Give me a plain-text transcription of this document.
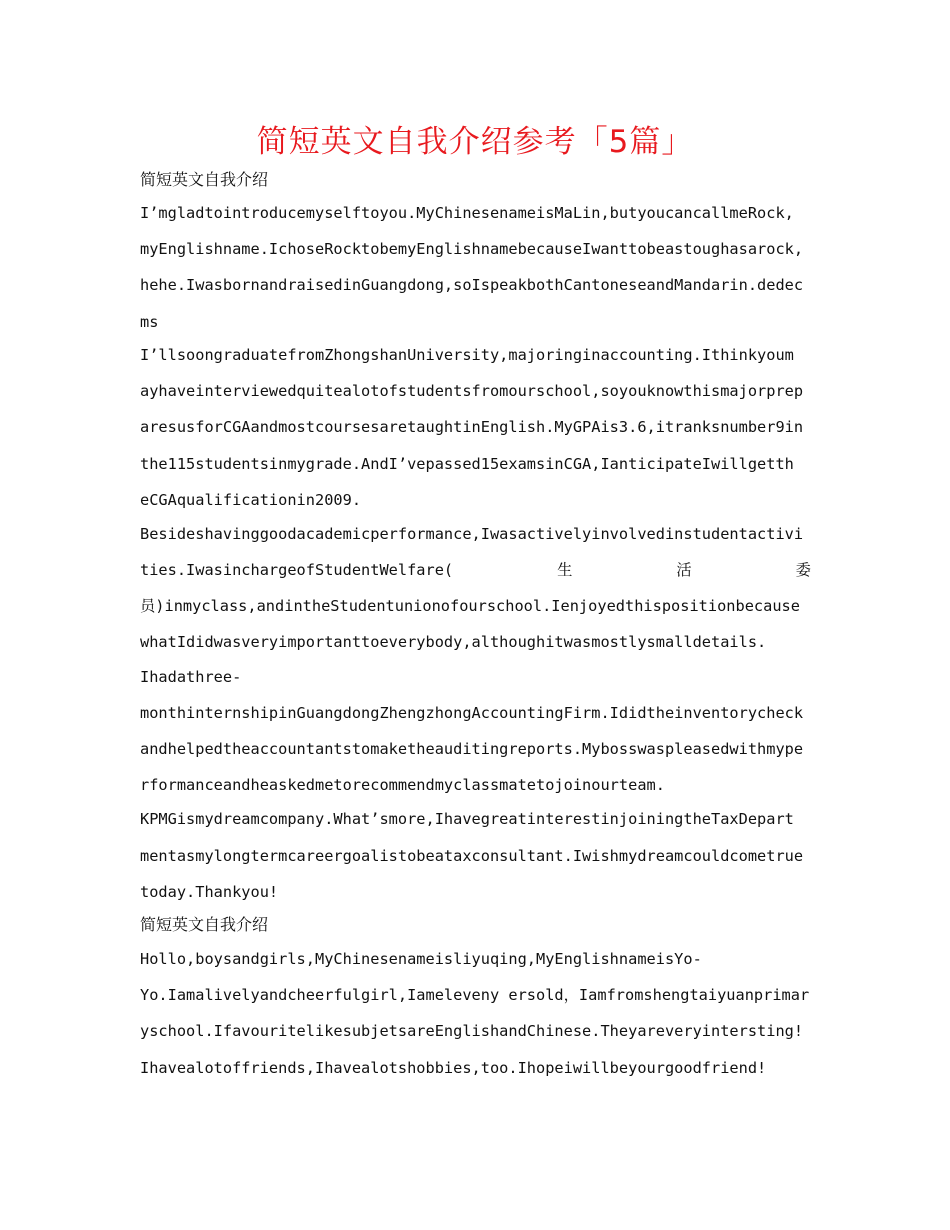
简短英文自我介绍参考「5篇」
简短英文自我介绍
I’mgladtointroducemyselftoyou.MyChinesenameisMaLin,butyoucancallmeRock,
myEnglishname.IchoseRocktobemyEnglishnamebecauseIwanttobeastoughasarock,
hehe.IwasbornandraisedinGuangdong,soIspeakbothCantoneseandMandarin.dedec
ms
I’llsoongraduatefromZhongshanUniversity,majoringinaccounting.Ithinkyoum
ayhaveinterviewedquitealotofstudentsfromourschool,soyouknowthismajorprep
aresusforCGAandmostcoursesaretaughtinEnglish.MyGPAis3.6,itranksnumber9in
the115studentsinmygrade.AndI’vepassed15examsinCGA,IanticipateIwillgetth
eCGAqualificationin2009.
Besideshavinggoodacademicperformance,Iwasactivelyinvolvedinstudentactivi
ties.IwasinchargeofStudentWelfare(	生	活	委
员)inmyclass,andintheStudentunionofourschool.Ienjoyedthispositionbecause
whatIdidwasveryimportanttoeverybody,althoughitwasmostlysmalldetails.
Ihadathree-
monthinternshipinGuangdongZhengzhongAccountingFirm.Ididtheinventorycheck
andhelpedtheaccountantstomaketheauditingreports.Mybosswaspleasedwithmype
rformanceandheaskedmetorecommendmyclassmatetojoinourteam.
KPMGismydreamcompany.What’smore,IhavegreatinterestinjoiningtheTaxDepart
mentasmylongtermcareergoalistobeataxconsultant.Iwishmydreamcouldcometrue
today.Thankyou!
简短英文自我介绍
Hollo,boysandgirls,MyChinesenameisliyuqing,MyEnglishnameisYo-
Yo.Iamalivelyandcheerfulgirl,Iameleveny ersold，Iamfromshengtaiyuanprimar
yschool.IfavouritelikesubjetsareEnglishandChinese.Theyareveryintersting!
Ihavealotoffriends,Ihavealotshobbies,too.Ihopeiwillbeyourgoodfriend!
